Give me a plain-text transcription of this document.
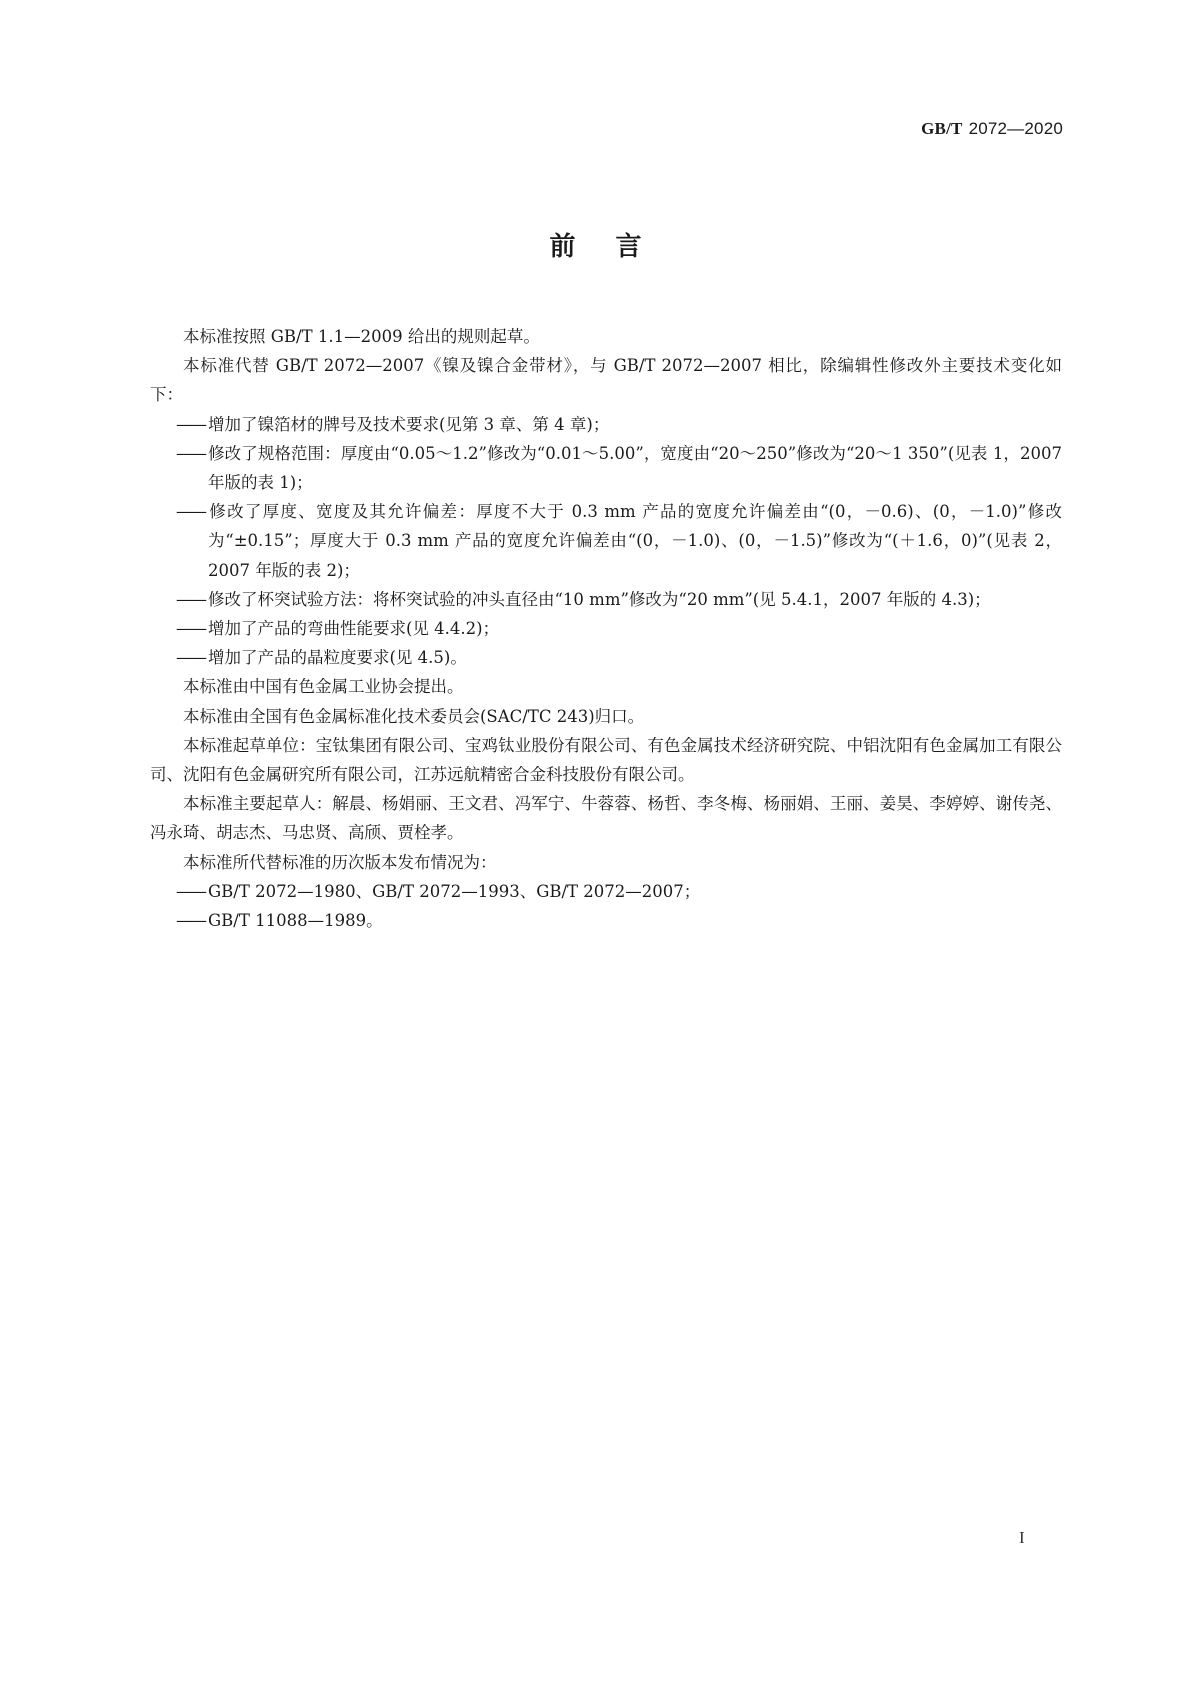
GB/T 2072—2020
前言

本标准按照 GB/T 1.1—2009 给出的规则起草。

本标准代替 GB/T 2072—2007《镍及镍合金带材》，与 GB/T 2072—2007 相比，除编辑性修改外主要技术变化如下：

—— 增加了镍箔材的牌号及技术要求(见第 3 章、第 4 章)；

—— 修改了规格范围：厚度由“0.05～1.2”修改为“0.01～5.00”，宽度由“20～250”修改为“20～1 350”(见表 1，2007 年版的表 1)；

—— 修改了厚度、宽度及其允许偏差：厚度不大于 0.3 mm 产品的宽度允许偏差由“(0，－0.6)、(0，－1.0)”修改为“±0.15”；厚度大于 0.3 mm 产品的宽度允许偏差由“(0，－1.0)、(0，－1.5)”修改为“(＋1.6，0)”(见表 2，2007 年版的表 2)；

—— 修改了杯突试验方法：将杯突试验的冲头直径由“10 mm”修改为“20 mm”(见 5.4.1，2007 年版的 4.3)；

—— 增加了产品的弯曲性能要求(见 4.4.2)；

—— 增加了产品的晶粒度要求(见 4.5)。

本标准由中国有色金属工业协会提出。

本标准由全国有色金属标准化技术委员会(SAC/TC 243)归口。

本标准起草单位：宝钛集团有限公司、宝鸡钛业股份有限公司、有色金属技术经济研究院、中铝沈阳有色金属加工有限公司、沈阳有色金属研究所有限公司，江苏远航精密合金科技股份有限公司。

本标准主要起草人：解晨、杨娟丽、王文君、冯军宁、牛蓉蓉、杨哲、李冬梅、杨丽娟、王丽、姜昊、李婷婷、谢传尧、冯永琦、胡志杰、马忠贤、高颀、贾栓孝。

本标准所代替标准的历次版本发布情况为：

—— GB/T 2072—1980、GB/T 2072—1993、GB/T 2072—2007；

—— GB/T 11088—1989。

I
